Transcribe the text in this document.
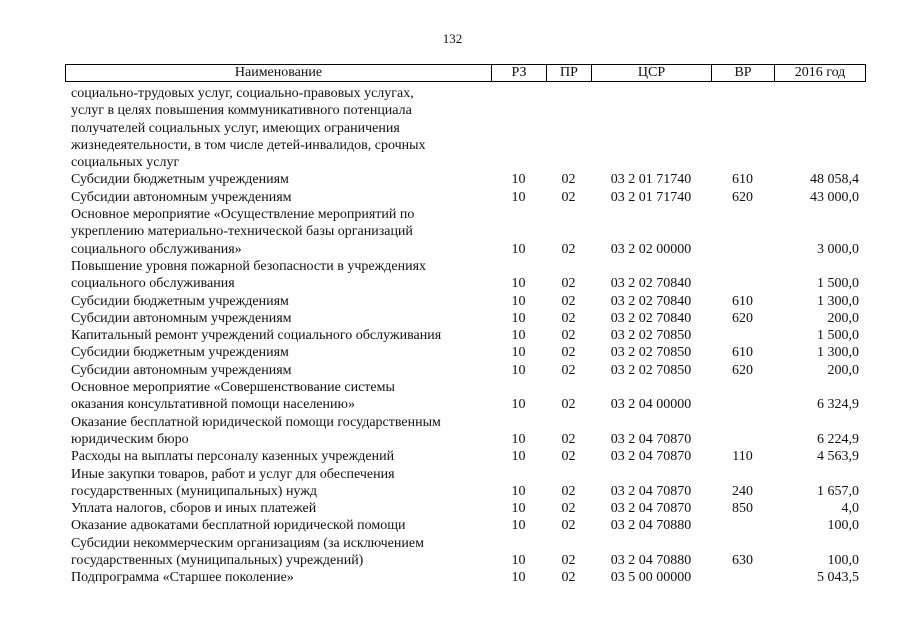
132
Наименование	РЗ	ПР	ЦСР	ВР	2016 год
социально-трудовых услуг, социально-правовых услугах,
услуг в целях повышения коммуникативного потенциала
получателей социальных услуг, имеющих ограничения
жизнедеятельности, в том числе детей-инвалидов, срочных
социальных услуг					

Субсидии бюджетным учреждениям	10	02	03 2 01 71740	610	48 058,4

Субсидии автономным учреждениям	10	02	03 2 01 71740	620	43 000,0

Основное мероприятие «Осуществление мероприятий по
укреплению материально-технической базы организаций
социального обслуживания»	10	02	03 2 02 00000		3 000,0

Повышение уровня пожарной безопасности в учреждениях
социального обслуживания	10	02	03 2 02 70840		1 500,0

Субсидии бюджетным учреждениям	10	02	03 2 02 70840	610	1 300,0

Субсидии автономным учреждениям	10	02	03 2 02 70840	620	200,0

Капитальный ремонт учреждений социального обслуживания	10	02	03 2 02 70850		1 500,0

Субсидии бюджетным учреждениям	10	02	03 2 02 70850	610	1 300,0

Субсидии автономным учреждениям	10	02	03 2 02 70850	620	200,0

Основное мероприятие «Совершенствование системы
оказания консультативной помощи населению»	10	02	03 2 04 00000		6 324,9

Оказание бесплатной юридической помощи государственным
юридическим бюро	10	02	03 2 04 70870		6 224,9

Расходы на выплаты персоналу казенных учреждений	10	02	03 2 04 70870	110	4 563,9

Иные закупки товаров, работ и услуг для обеспечения
государственных (муниципальных) нужд	10	02	03 2 04 70870	240	1 657,0

Уплата налогов, сборов и иных платежей	10	02	03 2 04 70870	850	4,0

Оказание адвокатами бесплатной юридической помощи	10	02	03 2 04 70880		100,0

Субсидии некоммерческим организациям (за исключением
государственных (муниципальных) учреждений)	10	02	03 2 04 70880	630	100,0

Подпрограмма «Старшее поколение»	10	02	03 5 00 00000		5 043,5
